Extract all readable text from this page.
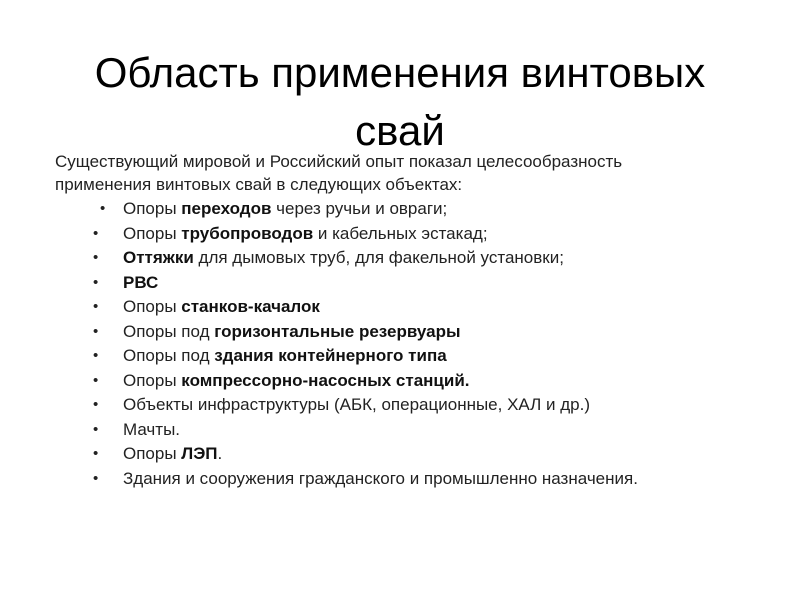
Область применения винтовых
свай
Существующий мировой и Российский опыт показал целесообразность
применения винтовых свай в следующих объектах:
• Опоры переходов через ручьи и овраги;
• Опоры трубопроводов и кабельных эстакад;
• Оттяжки для дымовых труб, для факельной установки;
• РВС
• Опоры станков-качалок
• Опоры под горизонтальные резервуары
• Опоры под здания контейнерного типа
• Опоры компрессорно-насосных станций.
• Объекты инфраструктуры (АБК, операционные, ХАЛ и др.)
• Мачты.
• Опоры ЛЭП.
• Здания и сооружения гражданского и промышленно назначения.
